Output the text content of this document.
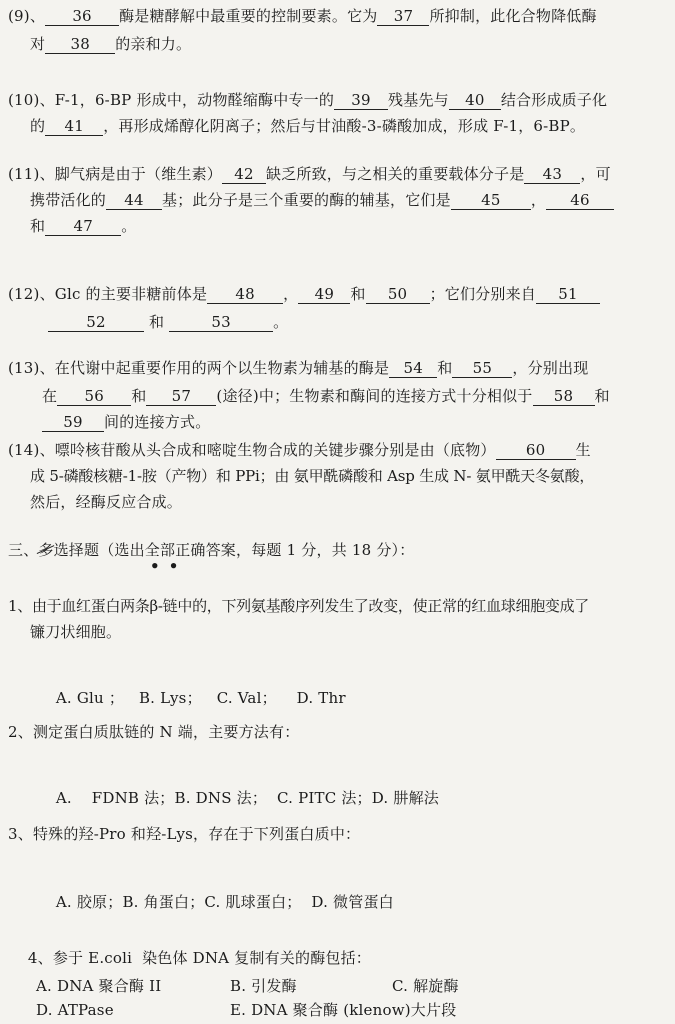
(9)、 36 酶是糖酵解中最重要的控制要素。它为 37 所抑制，此化合物降低酶
对 38 的亲和力。
(10)、F-1，6-BP 形成中，动物醛缩酶中专一的 39 残基先与 40 结合形成质子化
的 41 ，再形成烯醇化阴离子；然后与甘油酸-3-磷酸加成，形成 F-1，6-BP。
(11)、脚气病是由于（维生素） 42 缺乏所致，与之相关的重要载体分子是 43 ，可
携带活化的 44 基；此分子是三个重要的酶的辅基，它们是 45 ， 46
和 47 。
(12)、Glc 的主要非糖前体是 48 ， 49 和 50 ；它们分别来自 51
52	和	53	。
(13)、在代谢中起重要作用的两个以生物素为辅基的酶是 54 和 55 ，分别出现
在 56 和 57 (途径)中；生物素和酶间的连接方式十分相似于 58 和
59 间的连接方式。
(14)、嘌呤核苷酸从头合成和嘧啶生物合成的关键步骤分别是由（底物） 60 生
成 5-磷酸核糖-1-胺（产物）和 PPi；由 氨甲酰磷酸和 Asp 生成 N- 氨甲酰天冬氨酸，
然后，经酶反应合成。
三、多选择题（选出全部正确答案，每题 1 分，共 18 分）：
• •
1、由于血红蛋白两条β-链中的，下列氨基酸序列发生了改变，使正常的红血球细胞变成了
镰刀状细胞。

A. Glu ；   B. Lys；   C. Val；    D. Thr

2、测定蛋白质肽链的 N 端，主要方法有：

A.    FDNB 法；B. DNS 法；  C. PITC 法；D. 肼解法

3、特殊的羟-Pro 和羟-Lys，存在于下列蛋白质中：

A. 胶原；B. 角蛋白；C. 肌球蛋白；  D. 微管蛋白

4、参于 E.coli  染色体 DNA 复制有关的酶包括：

A. DNA 聚合酶 II	B. 引发酶	C. 解旋酶
D. ATPase	E. DNA 聚合酶 (klenow)大片段
